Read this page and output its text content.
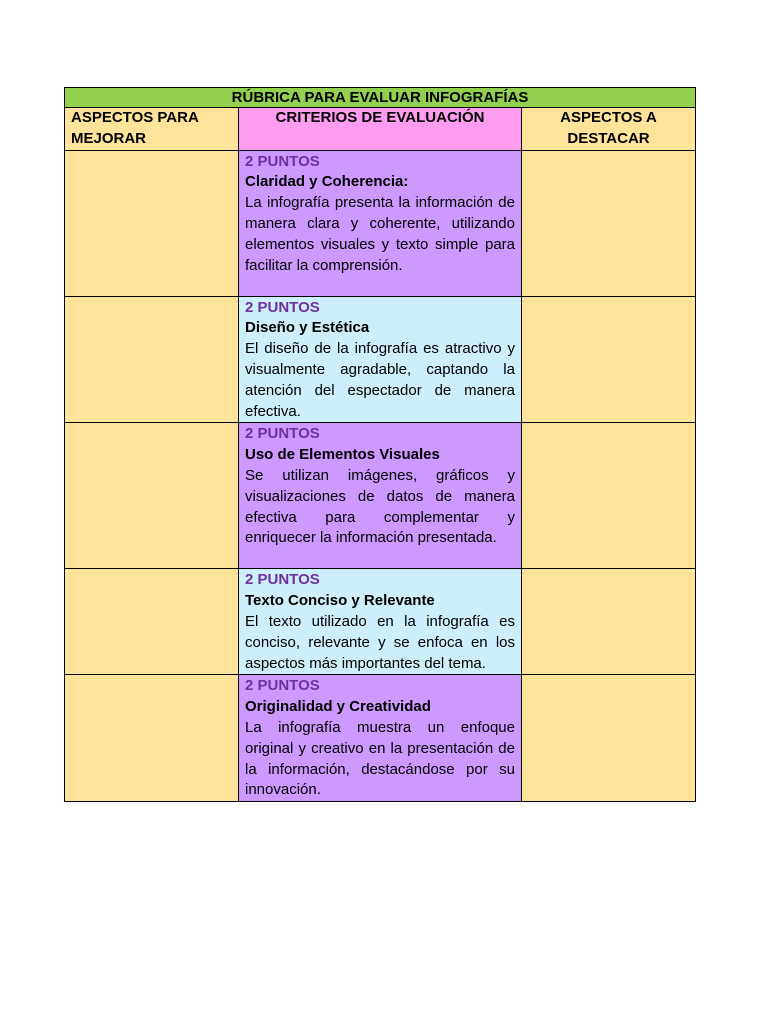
RÚBRICA PARA EVALUAR INFOGRAFÍAS		
ASPECTOS PARA MEJORAR	CRITERIOS DE EVALUACIÓN	ASPECTOS A DESTACAR

	2 PUNTOS
Claridad y Coherencia:
La infografía presenta la información de manera clara y coherente, utilizando elementos visuales y texto simple para facilitar la comprensión.	

	2 PUNTOS
Diseño y Estética
El diseño de la infografía es atractivo y visualmente agradable, captando la atención del espectador de manera efectiva.	

	2 PUNTOS
Uso de Elementos Visuales
Se utilizan imágenes, gráficos y visualizaciones de datos de manera efectiva para complementar y enriquecer la información presentada.	

	2 PUNTOS
Texto Conciso y Relevante
El texto utilizado en la infografía es conciso, relevante y se enfoca en los aspectos más importantes del tema.	

	2 PUNTOS
Originalidad y Creatividad
La infografía muestra un enfoque original y creativo en la presentación de la información, destacándose por su innovación.	
